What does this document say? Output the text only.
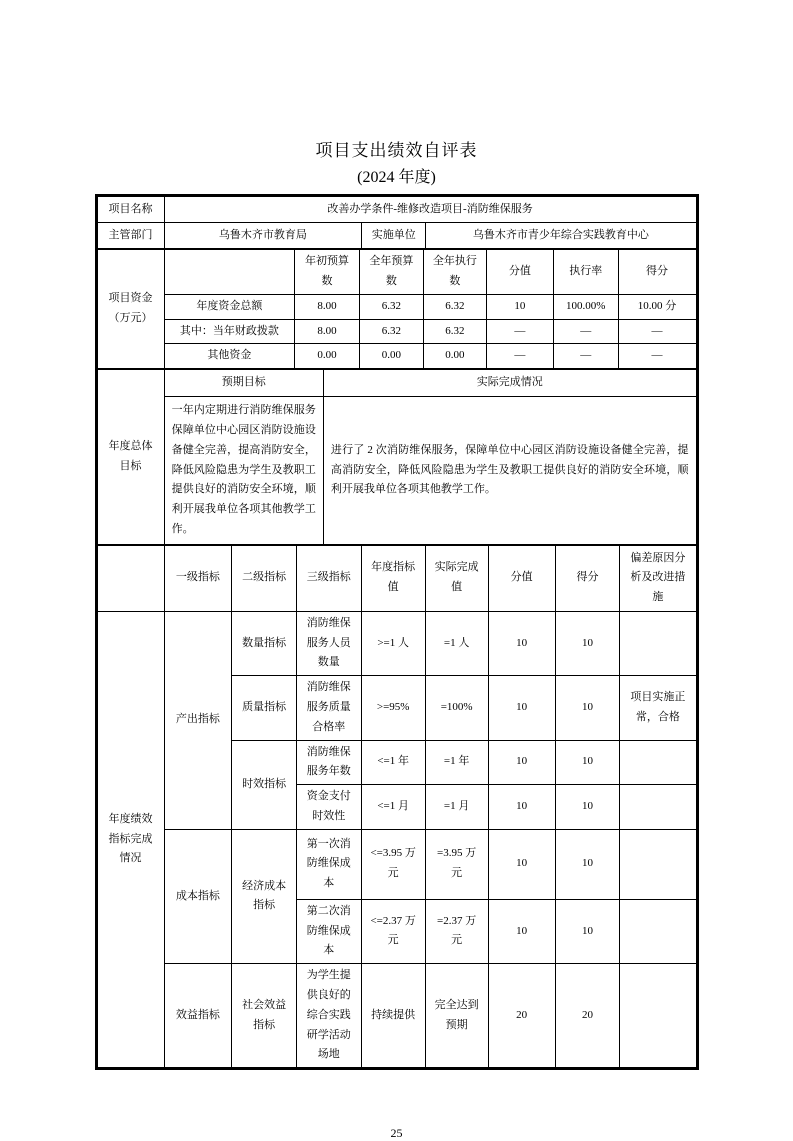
项目支出绩效自评表
(2024 年度)
项目名称	改善办学条件-维修改造项目-消防维保服务		
主管部门	乌鲁木齐市教育局	实施单位	乌鲁木齐市青少年综合实践教育中心
项目资金（万元）		年初预算数	全年预算数	全年执行数	分值	执行率	得分
	年度资金总额	8.00	6.32	6.32	10	100.00%	10.00 分
	其中：当年财政拨款	8.00	6.32	6.32	—	—	—
	其他资金	0.00	0.00	0.00	—	—	—
年度总体目标	预期目标	实际完成情况
	一年内定期进行消防维保服务保障单位中心园区消防设施设备健全完善，提高消防安全，降低风险隐患为学生及教职工提供良好的消防安全环境，顺利开展我单位各项其他教学工作。	进行了 2 次消防维保服务，保障单位中心园区消防设施设备健全完善，提高消防安全，降低风险隐患为学生及教职工提供良好的消防安全环境，顺利开展我单位各项其他教学工作。
	一级指标	二级指标	三级指标	年度指标值	实际完成值	分值	得分	偏差原因分析及改进措施
年度绩效指标完成情况	产出指标	数量指标	消防维保服务人员数量	>=1 人	=1 人	10	10	
		质量指标	消防维保服务质量合格率	>=95%	=100%	10	10	项目实施正常，合格
		时效指标	消防维保服务年数	<=1 年	=1 年	10	10	
			资金支付时效性	<=1 月	=1 月	10	10	
	成本指标	经济成本指标	第一次消防维保成本	<=3.95 万元	=3.95 万元	10	10	
			第二次消防维保成本	<=2.37 万元	=2.37 万元	10	10	
	效益指标	社会效益指标	为学生提供良好的综合实践研学活动场地	持续提供	完全达到预期	20	20	
25
